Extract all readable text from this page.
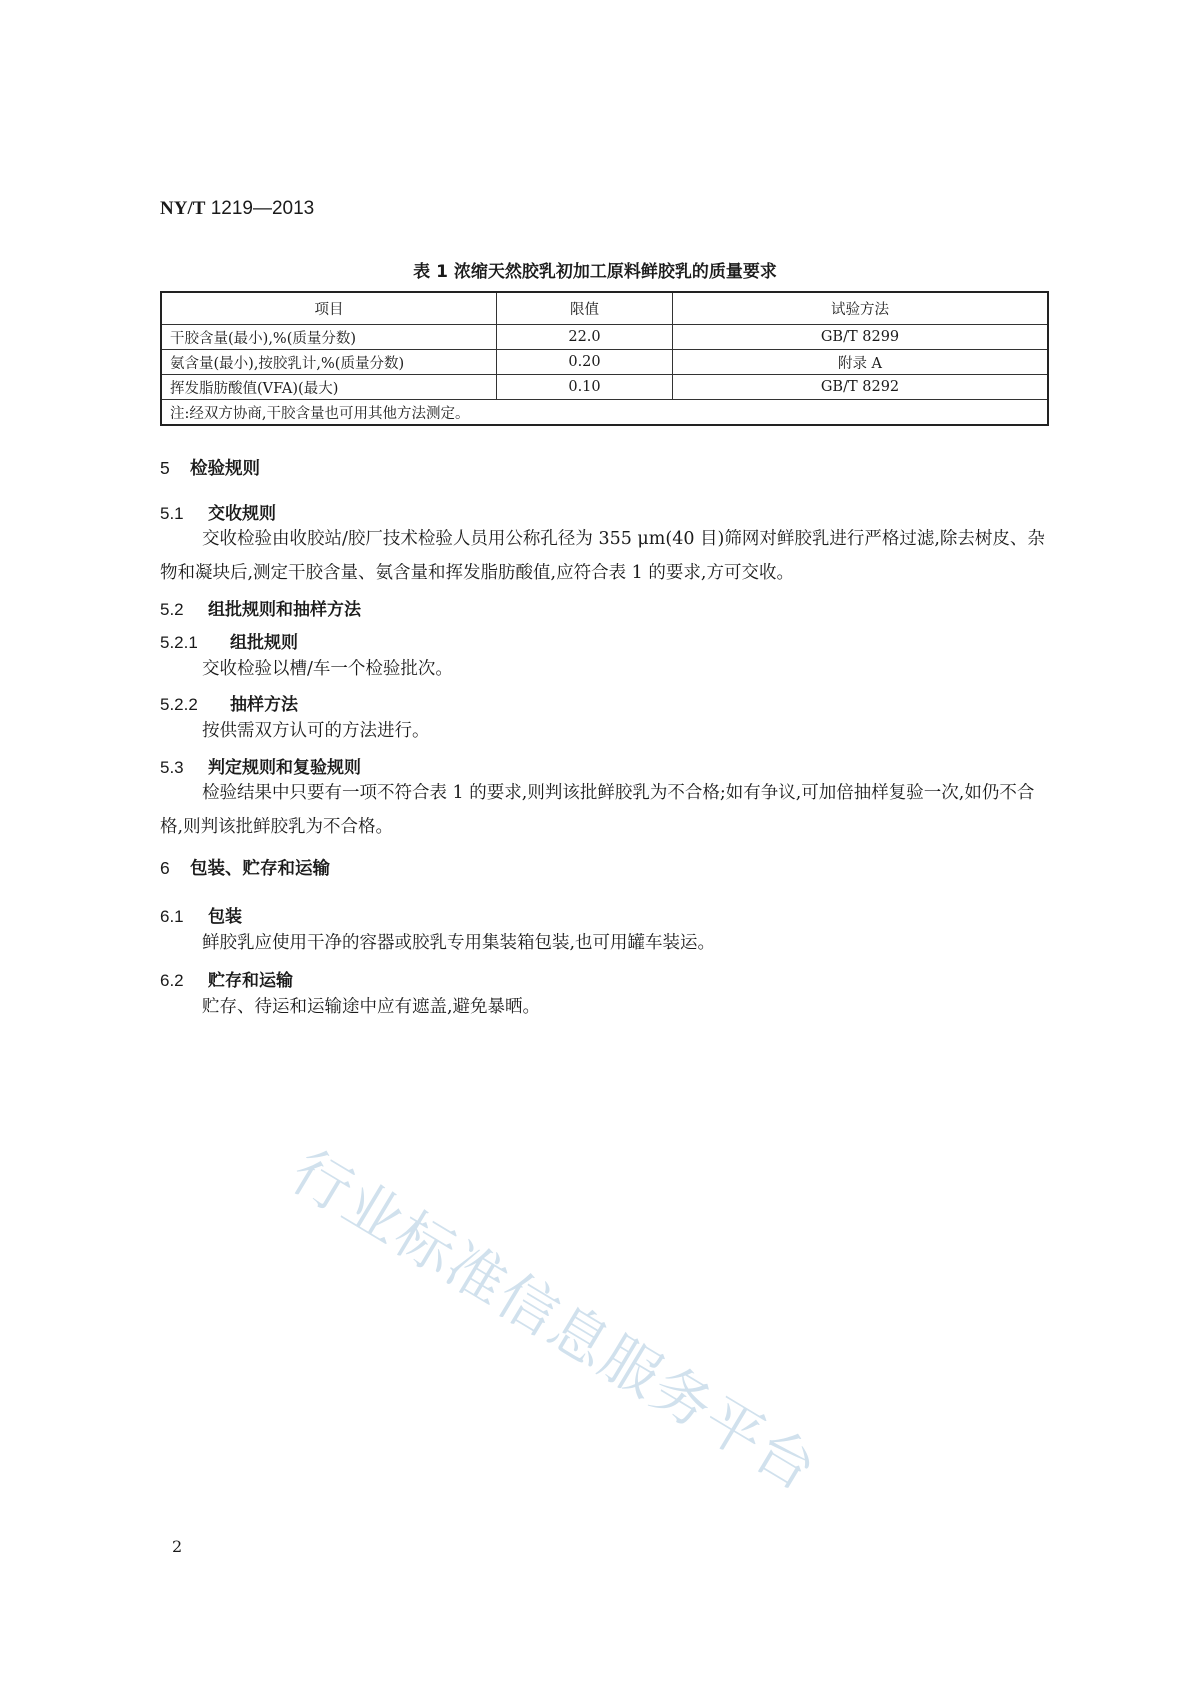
NY/T 1219—2013
表 1 浓缩天然胶乳初加工原料鲜胶乳的质量要求
项目	限值	试验方法
干胶含量(最小),%(质量分数)	22.0	GB/T 8299
氨含量(最小),按胶乳计,%(质量分数)	0.20	附录 A
挥发脂肪酸值(VFA)(最大)	0.10	GB/T 8292
注:经双方协商,干胶含量也可用其他方法测定。		
5 检验规则
5.1 交收规则
交收检验由收胶站/胶厂技术检验人员用公称孔径为 355 μm(40 目)筛网对鲜胶乳进行严格过滤,除去树皮、杂物和凝块后,测定干胶含量、氨含量和挥发脂肪酸值,应符合表 1 的要求,方可交收。
5.2 组批规则和抽样方法
5.2.1 组批规则
交收检验以槽/车一个检验批次。
5.2.2 抽样方法
按供需双方认可的方法进行。
5.3 判定规则和复验规则
检验结果中只要有一项不符合表 1 的要求,则判该批鲜胶乳为不合格;如有争议,可加倍抽样复验一次,如仍不合格,则判该批鲜胶乳为不合格。
6 包装、贮存和运输
6.1 包装
鲜胶乳应使用干净的容器或胶乳专用集装箱包装,也可用罐车装运。
6.2 贮存和运输
贮存、待运和运输途中应有遮盖,避免暴晒。
行业标准信息服务平台
2
